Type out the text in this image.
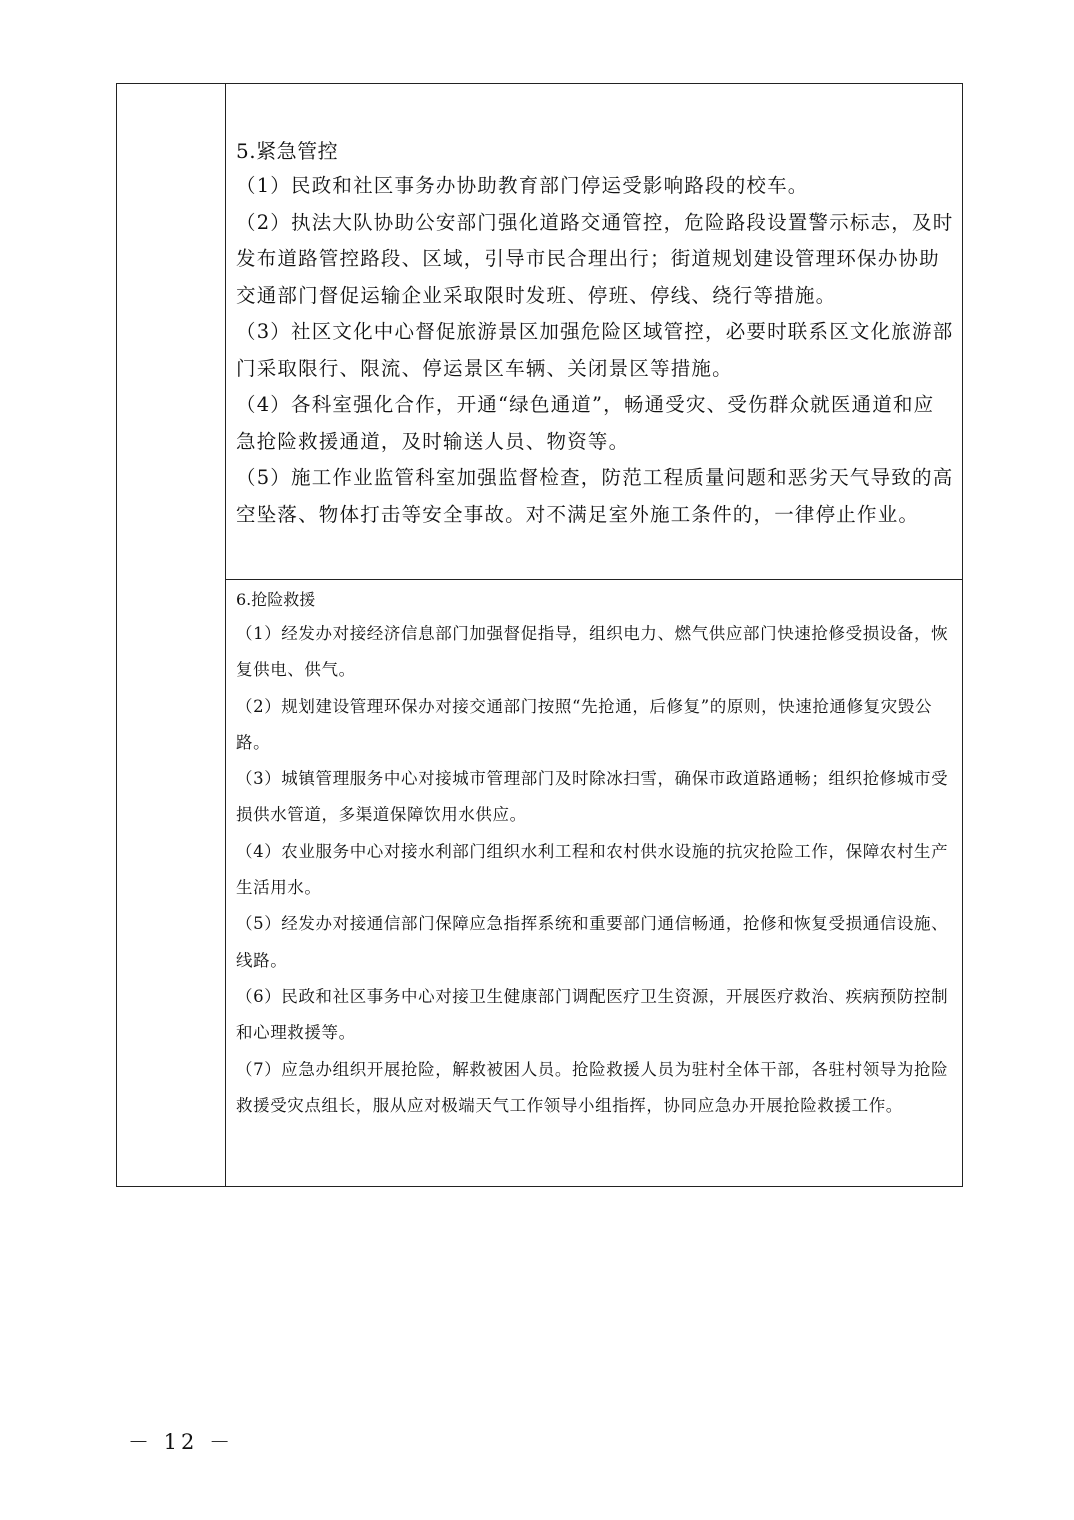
5.紧急管控

（1）民政和社区事务办协助教育部门停运受影响路段的校车。

（2）执法大队协助公安部门强化道路交通管控，危险路段设置警示标志，及时发布道路管控路段、区域，引导市民合理出行；街道规划建设管理环保办协助交通部门督促运输企业采取限时发班、停班、停线、绕行等措施。

（3）社区文化中心督促旅游景区加强危险区域管控，必要时联系区文化旅游部门采取限行、限流、停运景区车辆、关闭景区等措施。

（4）各科室强化合作，开通“绿色通道”，畅通受灾、受伤群众就医通道和应急抢险救援通道，及时输送人员、物资等。

（5）施工作业监管科室加强监督检查，防范工程质量问题和恶劣天气导致的高空坠落、物体打击等安全事故。对不满足室外施工条件的，一律停止作业。

6.抢险救援

（1）经发办对接经济信息部门加强督促指导，组织电力、燃气供应部门快速抢修受损设备，恢复供电、供气。

（2）规划建设管理环保办对接交通部门按照“先抢通，后修复”的原则，快速抢通修复灾毁公路。

（3）城镇管理服务中心对接城市管理部门及时除冰扫雪，确保市政道路通畅；组织抢修城市受损供水管道，多渠道保障饮用水供应。

（4）农业服务中心对接水利部门组织水利工程和农村供水设施的抗灾抢险工作，保障农村生产生活用水。

（5）经发办对接通信部门保障应急指挥系统和重要部门通信畅通，抢修和恢复受损通信设施、线路。

（6）民政和社区事务中心对接卫生健康部门调配医疗卫生资源，开展医疗救治、疾病预防控制和心理救援等。

（7）应急办组织开展抢险，解救被困人员。抢险救援人员为驻村全体干部，各驻村领导为抢险救援受灾点组长，服从应对极端天气工作领导小组指挥，协同应急办开展抢险救援工作。

－ 12 －
